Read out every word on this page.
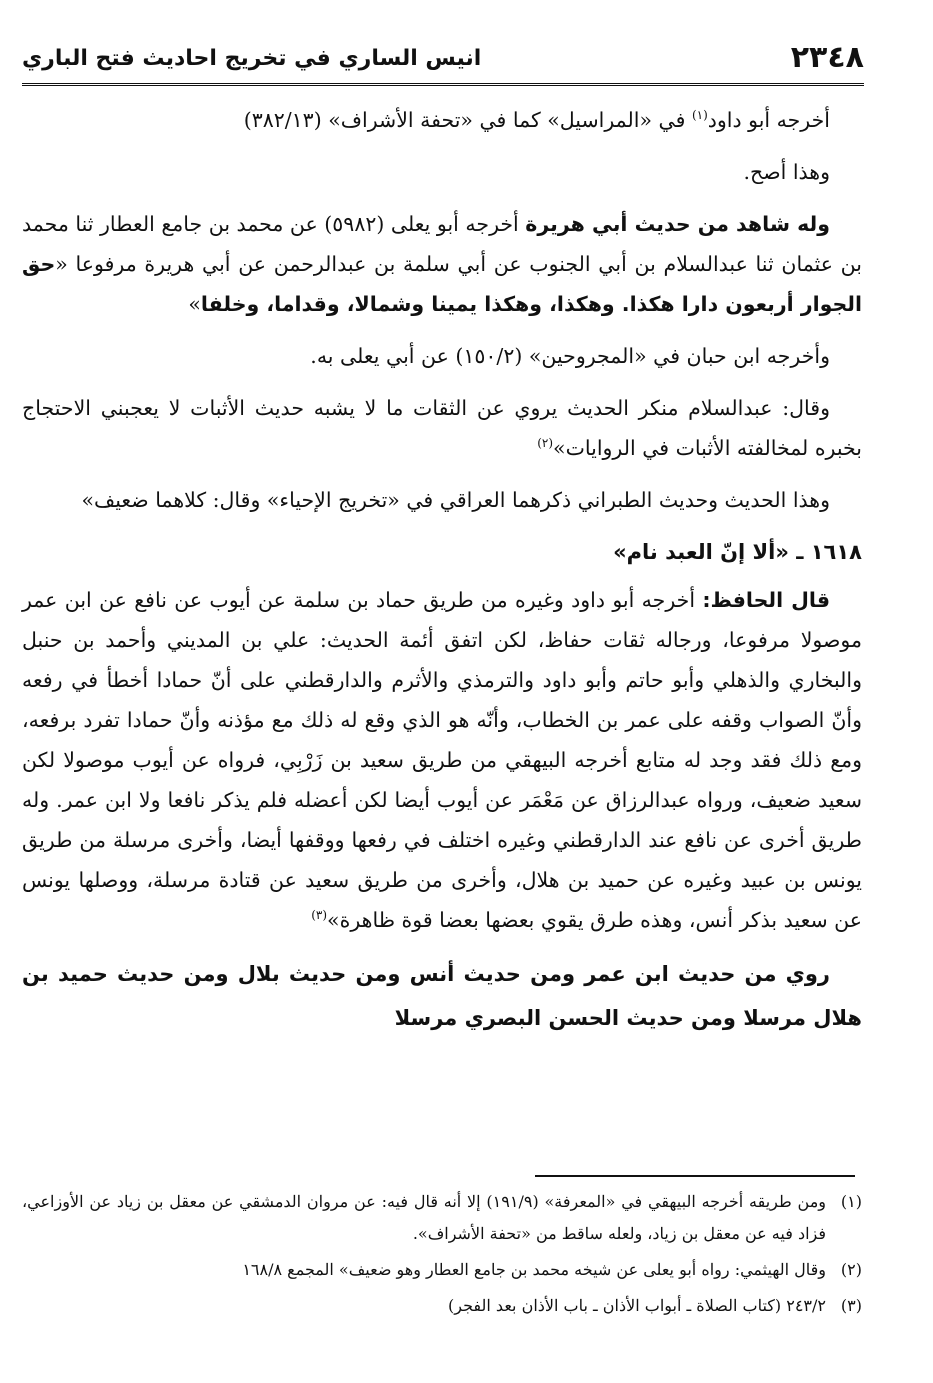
٢٣٤٨
انيس الساري في تخريج احاديث فتح الباري

أخرجه أبو داود$^{(١)}$ في «المراسيل» كما في «تحفة الأشراف» (٣٨٢/١٣)

وهذا أصح.

وله شاهد من حديث أبي هريرة أخرجه أبو يعلى (٥٩٨٢) عن محمد بن جامع العطار ثنا محمد بن عثمان ثنا عبدالسلام بن أبي الجنوب عن أبي سلمة بن عبدالرحمن عن أبي هريرة مرفوعا «حق الجوار أربعون دارا هكذا. وهكذا، وهكذا يمينا وشمالا، وقداما، وخلفا»

وأخرجه ابن حبان في «المجروحين» (١٥٠/٢) عن أبي يعلى به.

وقال: عبدالسلام منكر الحديث يروي عن الثقات ما لا يشبه حديث الأثبات لا يعجبني الاحتجاج بخبره لمخالفته الأثبات في الروايات»$^{(٢)}$

وهذا الحديث وحديث الطبراني ذكرهما العراقي في «تخريج الإحياء» وقال: كلاهما ضعيف»

١٦١٨ ـ «ألا إنّ العبد نام»

قال الحافظ: أخرجه أبو داود وغيره من طريق حماد بن سلمة عن أيوب عن نافع عن ابن عمر موصولا مرفوعا، ورجاله ثقات حفاظ، لكن اتفق أئمة الحديث: علي بن المديني وأحمد بن حنبل والبخاري والذهلي وأبو حاتم وأبو داود والترمذي والأثرم والدارقطني على أنّ حمادا أخطأ في رفعه وأنّ الصواب وقفه على عمر بن الخطاب، وأنّه هو الذي وقع له ذلك مع مؤذنه وأنّ حمادا تفرد برفعه، ومع ذلك فقد وجد له متابع أخرجه البيهقي من طريق سعيد بن زَرْبِي، فرواه عن أيوب موصولا لكن سعيد ضعيف، ورواه عبدالرزاق عن مَعْمَر عن أيوب أيضا لكن أعضله فلم يذكر نافعا ولا ابن عمر. وله طريق أخرى عن نافع عند الدارقطني وغيره اختلف في رفعها ووقفها أيضا، وأخرى مرسلة من طريق يونس بن عبيد وغيره عن حميد بن هلال، وأخرى من طريق سعيد عن قتادة مرسلة، ووصلها يونس عن سعيد بذكر أنس، وهذه طرق يقوي بعضها بعضا قوة ظاهرة»$^{(٣)}$

روي من حديث ابن عمر ومن حديث أنس ومن حديث بلال ومن حديث حميد بن هلال مرسلا ومن حديث الحسن البصري مرسلا

(١)
ومن طريقه أخرجه البيهقي في «المعرفة» (١٩١/٩) إلا أنه قال فيه: عن مروان الدمشقي عن معقل بن زياد عن الأوزاعي، فزاد فيه عن معقل بن زياد، ولعله ساقط من «تحفة الأشراف».
(٢)
وقال الهيثمي: رواه أبو يعلى عن شيخه محمد بن جامع العطار وهو ضعيف» المجمع ١٦٨/٨
(٣)
٢٤٣/٢ (كتاب الصلاة ـ أبواب الأذان ـ باب الأذان بعد الفجر)
